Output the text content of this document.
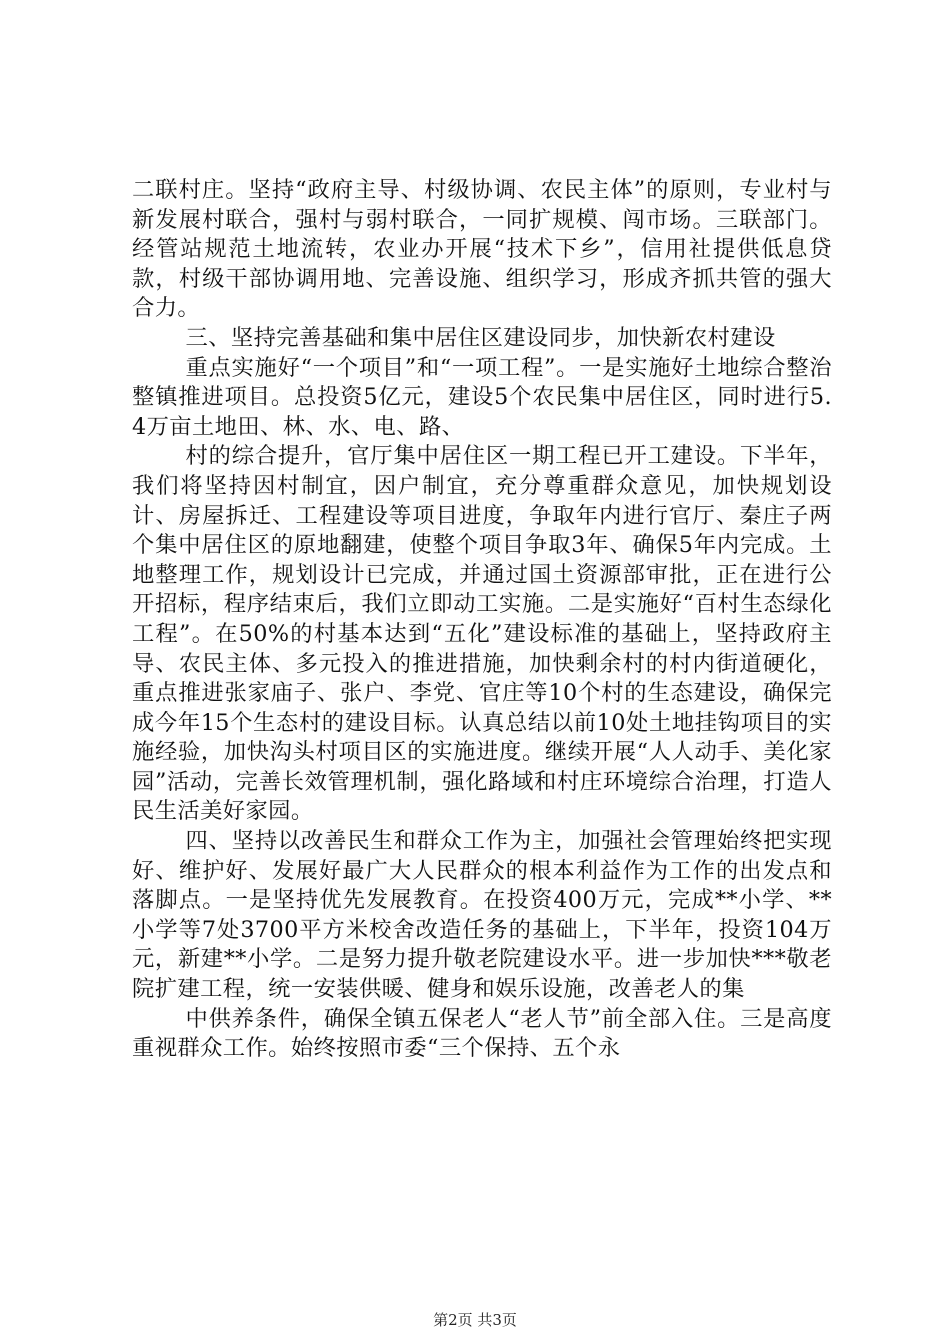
二联村庄。坚持“政府主导、村级协调、农民主体”的原则，专业村与新发展村联合，强村与弱村联合，一同扩规模、闯市场。三联部门。经管站规范土地流转，农业办开展“技术下乡”，信用社提供低息贷款，村级干部协调用地、完善设施、组织学习，形成齐抓共管的强大合力。

三、坚持完善基础和集中居住区建设同步，加快新农村建设

重点实施好“一个项目”和“一项工程”。一是实施好土地综合整治整镇推进项目。总投资5亿元，建设5个农民集中居住区，同时进行5.4万亩土地田、林、水、电、路、

村的综合提升，官厅集中居住区一期工程已开工建设。下半年，我们将坚持因村制宜，因户制宜，充分尊重群众意见，加快规划设计、房屋拆迁、工程建设等项目进度，争取年内进行官厅、秦庄子两个集中居住区的原地翻建，使整个项目争取3年、确保5年内完成。土地整理工作，规划设计已完成，并通过国土资源部审批，正在进行公开招标，程序结束后，我们立即动工实施。二是实施好“百村生态绿化工程”。在50%的村基本达到“五化”建设标准的基础上，坚持政府主导、农民主体、多元投入的推进措施，加快剩余村的村内街道硬化，重点推进张家庙子、张户、李党、官庄等10个村的生态建设，确保完成今年15个生态村的建设目标。认真总结以前10处土地挂钩项目的实施经验，加快沟头村项目区的实施进度。继续开展“人人动手、美化家园”活动，完善长效管理机制，强化路域和村庄环境综合治理，打造人民生活美好家园。

四、坚持以改善民生和群众工作为主，加强社会管理始终把实现好、维护好、发展好最广大人民群众的根本利益作为工作的出发点和落脚点。一是坚持优先发展教育。在投资400万元，完成**小学、**小学等7处3700平方米校舍改造任务的基础上，下半年，投资104万元，新建**小学。二是努力提升敬老院建设水平。进一步加快***敬老院扩建工程，统一安装供暖、健身和娱乐设施，改善老人的集

中供养条件，确保全镇五保老人“老人节”前全部入住。三是高度重视群众工作。始终按照市委“三个保持、五个永

第2页 共3页
